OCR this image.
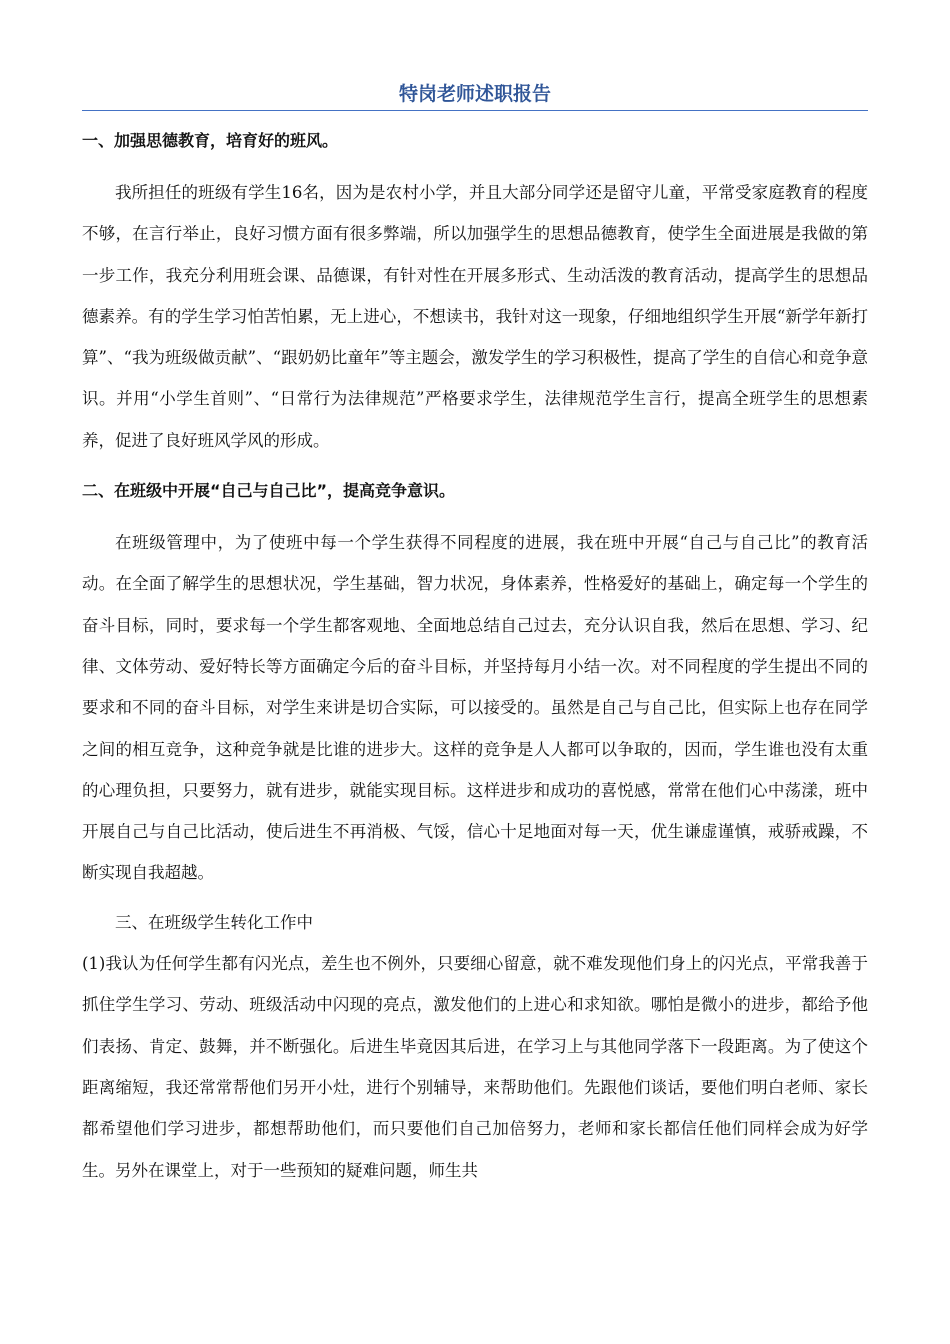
特岗老师述职报告

一、加强思德教育，培育好的班风。

我所担任的班级有学生16名，因为是农村小学，并且大部分同学还是留守儿童，平常受家庭教育的程度不够，在言行举止，良好习惯方面有很多弊端，所以加强学生的思想品德教育，使学生全面进展是我做的第一步工作，我充分利用班会课、品德课，有针对性在开展多形式、生动活泼的教育活动，提高学生的思想品德素养。有的学生学习怕苦怕累，无上进心，不想读书，我针对这一现象，仔细地组织学生开展“新学年新打算”、“我为班级做贡献”、“跟奶奶比童年”等主题会，激发学生的学习积极性，提高了学生的自信心和竞争意识。并用“小学生首则”、“日常行为法律规范”严格要求学生，法律规范学生言行，提高全班学生的思想素养，促进了良好班风学风的形成。

二、在班级中开展“自己与自己比”，提高竞争意识。

在班级管理中，为了使班中每一个学生获得不同程度的进展，我在班中开展“自己与自己比”的教育活动。在全面了解学生的思想状况，学生基础，智力状况，身体素养，性格爱好的基础上，确定每一个学生的奋斗目标，同时，要求每一个学生都客观地、全面地总结自己过去，充分认识自我，然后在思想、学习、纪律、文体劳动、爱好特长等方面确定今后的奋斗目标，并坚持每月小结一次。对不同程度的学生提出不同的要求和不同的奋斗目标，对学生来讲是切合实际，可以接受的。虽然是自己与自己比，但实际上也存在同学之间的相互竞争，这种竞争就是比谁的进步大。这样的竞争是人人都可以争取的，因而，学生谁也没有太重的心理负担，只要努力，就有进步，就能实现目标。这样进步和成功的喜悦感，常常在他们心中荡漾，班中开展自己与自己比活动，使后进生不再消极、气馁，信心十足地面对每一天，优生谦虚谨慎，戒骄戒躁，不断实现自我超越。

三、在班级学生转化工作中

(1)我认为任何学生都有闪光点，差生也不例外，只要细心留意，就不难发现他们身上的闪光点，平常我善于抓住学生学习、劳动、班级活动中闪现的亮点，激发他们的上进心和求知欲。哪怕是微小的进步，都给予他们表扬、肯定、鼓舞，并不断强化。后进生毕竟因其后进，在学习上与其他同学落下一段距离。为了使这个距离缩短，我还常常帮他们另开小灶，进行个别辅导，来帮助他们。先跟他们谈话，要他们明白老师、家长都希望他们学习进步，都想帮助他们，而只要他们自己加倍努力，老师和家长都信任他们同样会成为好学生。另外在课堂上，对于一些预知的疑难问题，师生共
